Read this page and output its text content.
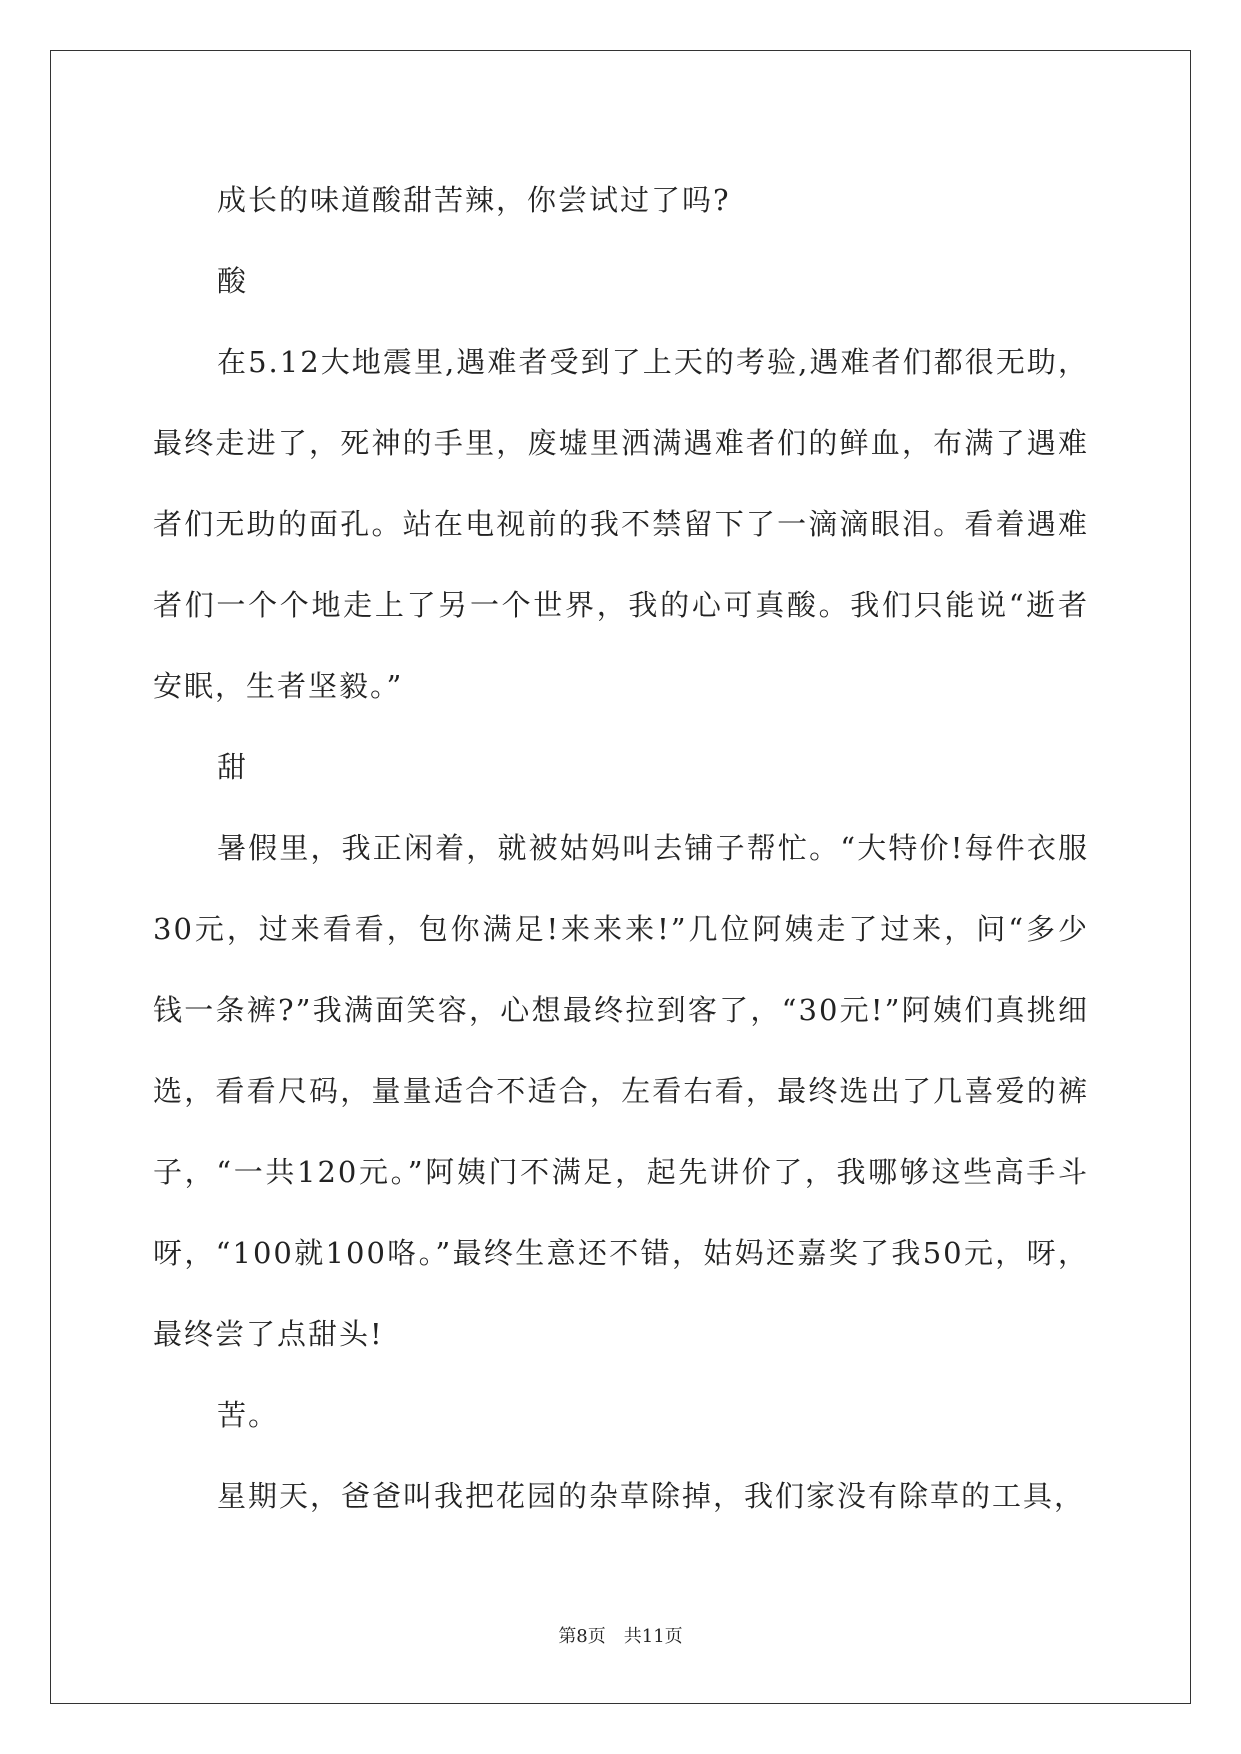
成长的味道酸甜苦辣，你尝试过了吗?

酸

在5.12大地震里,遇难者受到了上天的考验,遇难者们都很无助，最终走进了，死神的手里，废墟里洒满遇难者们的鲜血，布满了遇难者们无助的面孔。站在电视前的我不禁留下了一滴滴眼泪。看着遇难者们一个个地走上了另一个世界，我的心可真酸。我们只能说“逝者安眠，生者坚毅。”

甜

暑假里，我正闲着，就被姑妈叫去铺子帮忙。“大特价!每件衣服30元，过来看看，包你满足!来来来!”几位阿姨走了过来，问“多少钱一条裤?”我满面笑容，心想最终拉到客了，“30元!”阿姨们真挑细选，看看尺码，量量适合不适合，左看右看，最终选出了几喜爱的裤子，“一共120元。”阿姨门不满足，起先讲价了，我哪够这些高手斗呀，“100就100咯。”最终生意还不错，姑妈还嘉奖了我50元，呀，最终尝了点甜头!

苦。

星期天，爸爸叫我把花园的杂草除掉，我们家没有除草的工具，

第8页 共11页
